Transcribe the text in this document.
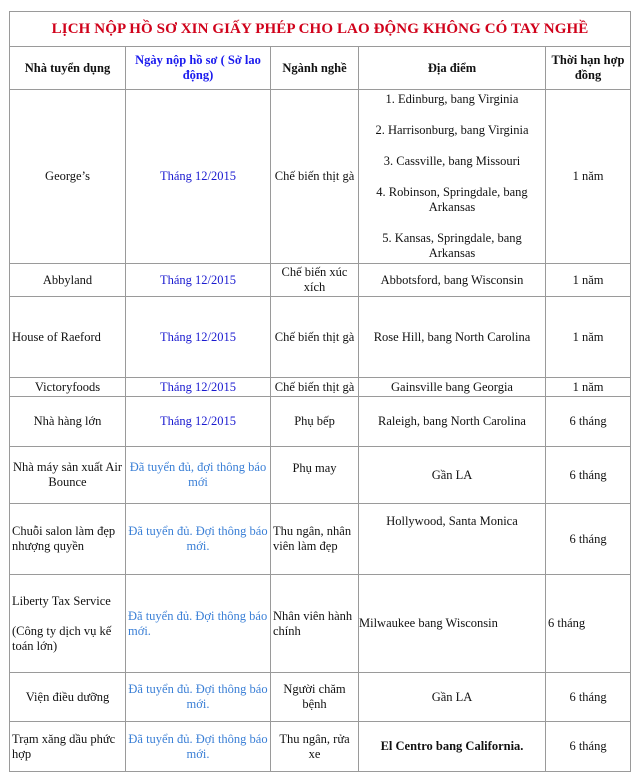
LỊCH NỘP HỒ SƠ XIN GIẤY PHÉP CHO LAO ĐỘNG KHÔNG CÓ TAY NGHỀ				
Nhà tuyển dụng	Ngày nộp hồ sơ ( Sở lao động)	Ngành nghề	Địa điểm	Thời hạn hợp đồng
George’s	Tháng 12/2015	Chế biến thịt gà	1. Edinburg, bang Virginia

2. Harrisonburg, bang Virginia

3. Cassville, bang Missouri

4. Robinson, Springdale, bang Arkansas

5. Kansas, Springdale, bang Arkansas	1 năm
Abbyland	Tháng 12/2015	Chế biến xúc xích	Abbotsford, bang Wisconsin	1 năm
House of Raeford	Tháng 12/2015	Chế biến thịt gà	Rose Hill, bang North Carolina	1 năm
Victoryfoods	Tháng 12/2015	Chế biến thịt gà	Gainsville bang Georgia	1 năm
Nhà hàng lớn	Tháng 12/2015	Phụ bếp	Raleigh, bang North Carolina	6 tháng
Nhà máy sản xuất Air Bounce	Đã tuyển đủ, đợi thông báo mới	Phụ may	Gần LA	6 tháng
Chuỗi salon làm đẹp nhượng quyền	Đã tuyển đủ. Đợi thông báo mới.	Thu ngân, nhân viên làm đẹp	Hollywood, Santa Monica	6 tháng

Liberty Tax Service
(Công ty dịch vụ kế toán lớn)	Đã tuyển đủ. Đợi thông báo mới.	Nhân viên hành chính	Milwaukee bang Wisconsin	6 tháng
Viện điều dưỡng	Đã tuyển đủ. Đợi thông báo mới.	Người chăm bệnh	Gần LA	6 tháng
Trạm xăng dầu phức hợp	Đã tuyển đủ. Đợi thông báo mới.	Thu ngân, rửa xe	El Centro bang California.	6 tháng
